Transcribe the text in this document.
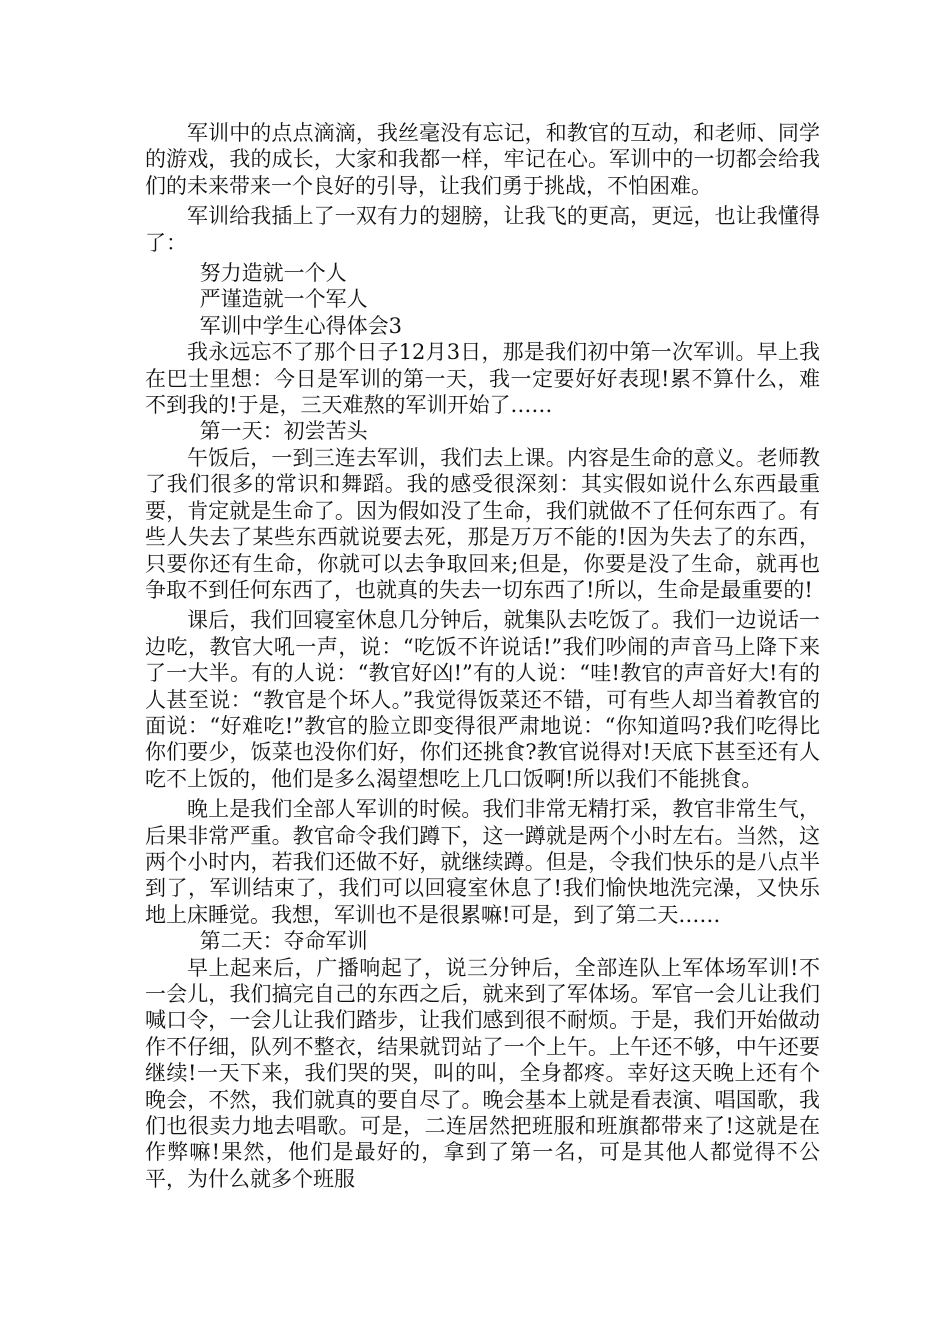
军训中的点点滴滴，我丝毫没有忘记，和教官的互动，和老师、同学的游戏，我的成长，大家和我都一样，牢记在心。军训中的一切都会给我们的未来带来一个良好的引导，让我们勇于挑战，不怕困难。

军训给我插上了一双有力的翅膀，让我飞的更高，更远，也让我懂得了：

努力造就一个人

严谨造就一个军人

军训中学生心得体会3

我永远忘不了那个日子12月3日，那是我们初中第一次军训。早上我在巴士里想：今日是军训的第一天，我一定要好好表现!累不算什么，难不到我的!于是，三天难熬的军训开始了……

第一天：初尝苦头

午饭后，一到三连去军训，我们去上课。内容是生命的意义。老师教了我们很多的常识和舞蹈。我的感受很深刻：其实假如说什么东西最重要，肯定就是生命了。因为假如没了生命，我们就做不了任何东西了。有些人失去了某些东西就说要去死，那是万万不能的!因为失去了的东西，只要你还有生命，你就可以去争取回来;但是，你要是没了生命，就再也争取不到任何东西了，也就真的失去一切东西了!所以，生命是最重要的!

课后，我们回寝室休息几分钟后，就集队去吃饭了。我们一边说话一边吃，教官大吼一声，说：“吃饭不许说话!”我们吵闹的声音马上降下来了一大半。有的人说：“教官好凶!”有的人说：“哇!教官的声音好大!有的人甚至说：“教官是个坏人。”我觉得饭菜还不错，可有些人却当着教官的面说：“好难吃!”教官的脸立即变得很严肃地说：“你知道吗?我们吃得比你们要少，饭菜也没你们好，你们还挑食?教官说得对!天底下甚至还有人吃不上饭的，他们是多么渴望想吃上几口饭啊!所以我们不能挑食。

晚上是我们全部人军训的时候。我们非常无精打采，教官非常生气，后果非常严重。教官命令我们蹲下，这一蹲就是两个小时左右。当然，这两个小时内，若我们还做不好，就继续蹲。但是，令我们快乐的是八点半到了，军训结束了，我们可以回寝室休息了!我们愉快地洗完澡，又快乐地上床睡觉。我想，军训也不是很累嘛!可是，到了第二天……

第二天：夺命军训

早上起来后，广播响起了，说三分钟后，全部连队上军体场军训!不一会儿，我们搞完自己的东西之后，就来到了军体场。军官一会儿让我们喊口令，一会儿让我们踏步，让我们感到很不耐烦。于是，我们开始做动作不仔细，队列不整衣，结果就罚站了一个上午。上午还不够，中午还要继续!一天下来，我们哭的哭，叫的叫，全身都疼。幸好这天晚上还有个晚会，不然，我们就真的要自尽了。晚会基本上就是看表演、唱国歌，我们也很卖力地去唱歌。可是，二连居然把班服和班旗都带来了!这就是在作弊嘛!果然，他们是最好的，拿到了第一名，可是其他人都觉得不公平，为什么就多个班服
